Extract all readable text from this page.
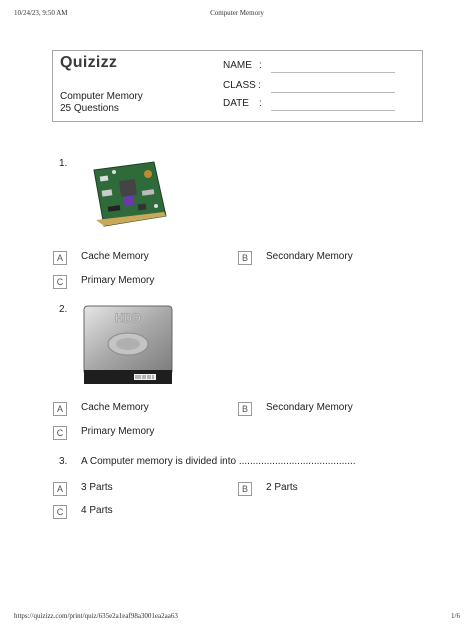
10/24/23, 9:50 AM	Computer Memory
Quizizz
Computer Memory
25 Questions
NAME :
CLASS :
DATE :
1.
A	Cache Memory	B	Secondary Memory
C	Primary Memory
2.
HDD
A	Cache Memory	B	Secondary Memory
C	Primary Memory
3. A Computer memory is divided into ..........................................
A	3 Parts	B	2 Parts
C	4 Parts
https://quizizz.com/print/quiz/635e2a1eaf98a3001ea2aa63	1/6
